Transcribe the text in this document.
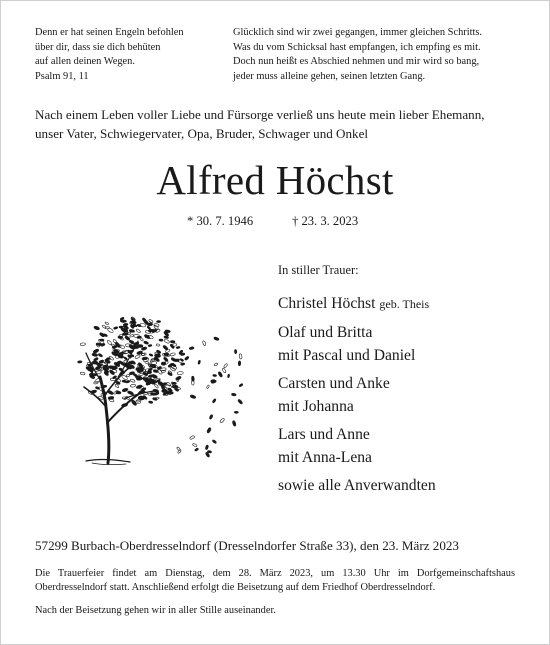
Denn er hat seinen Engeln befohlen
über dir, dass sie dich behüten
auf allen deinen Wegen.
Psalm 91, 11
Glücklich sind wir zwei gegangen, immer gleichen Schritts.
Was du vom Schicksal hast empfangen, ich empfing es mit.
Doch nun heißt es Abschied nehmen und mir wird so bang,
jeder muss alleine gehen, seinen letzten Gang.
Nach einem Leben voller Liebe und Fürsorge verließ uns heute mein lieber Ehemann,
unser Vater, Schwiegervater, Opa, Bruder, Schwager und Onkel
Alfred Höchst
* 30. 7. 1946	† 23. 3. 2023
In stiller Trauer:
Christel Höchst geb. Theis
Olaf und Britta
mit Pascal und Daniel
Carsten und Anke
mit Johanna
Lars und Anne
mit Anna-Lena
sowie alle Anverwandten
57299 Burbach-Oberdresselndorf (Dresselndorfer Straße 33), den 23. März 2023
Die Trauerfeier findet am Dienstag, dem 28. März 2023, um 13.30 Uhr im Dorfgemeinschaftshaus Oberdresselndorf statt. Anschließend erfolgt die Beisetzung auf dem Friedhof Oberdresselndorf.
Nach der Beisetzung gehen wir in aller Stille auseinander.
